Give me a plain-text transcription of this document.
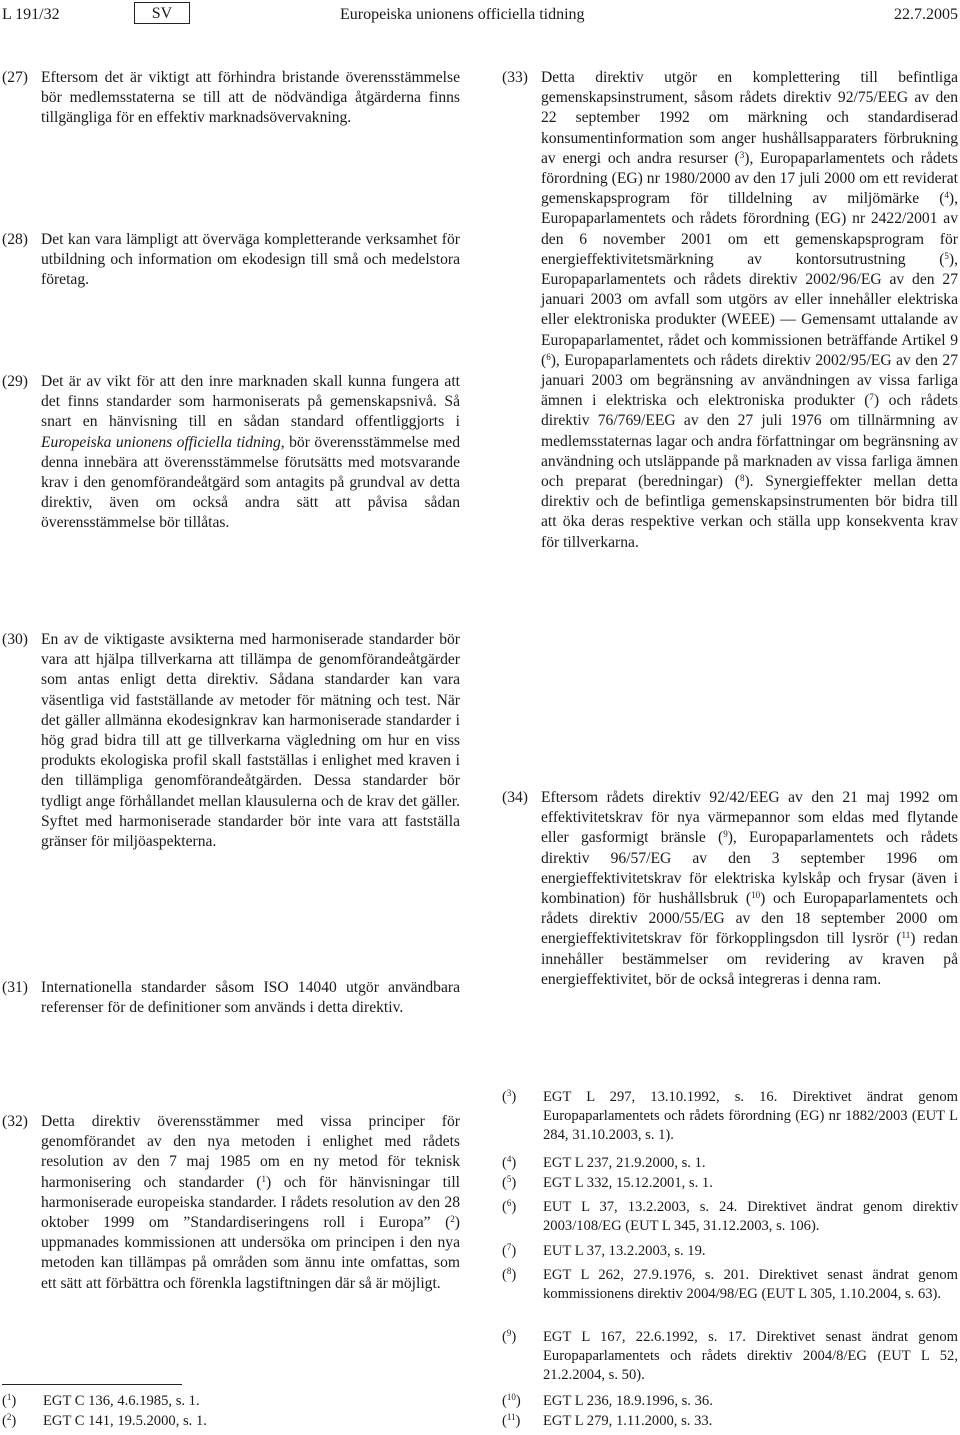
L 191/32	SV	Europeiska unionens officiella tidning	22.7.2005
(27) Eftersom det är viktigt att förhindra bristande överensstämmelse bör medlemsstaterna se till att de nödvändiga åtgärderna finns tillgängliga för en effektiv marknadsövervakning.
(28) Det kan vara lämpligt att överväga kompletterande verksamhet för utbildning och information om ekodesign till små och medelstora företag.
(29) Det är av vikt för att den inre marknaden skall kunna fungera att det finns standarder som harmoniserats på gemenskapsnivå. Så snart en hänvisning till en sådan standard offentliggjorts i Europeiska unionens officiella tidning, bör överensstämmelse med denna innebära att överensstämmelse förutsätts med motsvarande krav i den genomförandeåtgärd som antagits på grundval av detta direktiv, även om också andra sätt att påvisa sådan överensstämmelse bör tillåtas.
(30) En av de viktigaste avsikterna med harmoniserade standarder bör vara att hjälpa tillverkarna att tillämpa de genomförandeåtgärder som antas enligt detta direktiv. Sådana standarder kan vara väsentliga vid fastställande av metoder för mätning och test. När det gäller allmänna ekodesignkrav kan harmoniserade standarder i hög grad bidra till att ge tillverkarna vägledning om hur en viss produkts ekologiska profil skall fastställas i enlighet med kraven i den tillämpliga genomförandeåtgärden. Dessa standarder bör tydligt ange förhållandet mellan klausulerna och de krav det gäller. Syftet med harmoniserade standarder bör inte vara att fastställa gränser för miljöaspekterna.
(31) Internationella standarder såsom ISO 14040 utgör användbara referenser för de definitioner som används i detta direktiv.
(32) Detta direktiv överensstämmer med vissa principer för genomförandet av den nya metoden i enlighet med rådets resolution av den 7 maj 1985 om en ny metod för teknisk harmonisering och standarder ($^1$) och för hänvisningar till harmoniserade europeiska standarder. I rådets resolution av den 28 oktober 1999 om ”Standardiseringens roll i Europa” ($^2$) uppmanades kommissionen att undersöka om principen i den nya metoden kan tillämpas på områden som ännu inte omfattas, som ett sätt att förbättra och förenkla lagstiftningen där så är möjligt.
(33) Detta direktiv utgör en komplettering till befintliga gemenskapsinstrument, såsom rådets direktiv 92/75/EEG av den 22 september 1992 om märkning och standardiserad konsumentinformation som anger hushållsapparaters förbrukning av energi och andra resurser ($^3$), Europaparlamentets och rådets förordning (EG) nr 1980/2000 av den 17 juli 2000 om ett reviderat gemenskapsprogram för tilldelning av miljömärke ($^4$), Europaparlamentets och rådets förordning (EG) nr 2422/2001 av den 6 november 2001 om ett gemenskapsprogram för energieffektivitetsmärkning av kontorsutrustning ($^5$), Europaparlamentets och rådets direktiv 2002/96/EG av den 27 januari 2003 om avfall som utgörs av eller innehåller elektriska eller elektroniska produkter (WEEE) — Gemensamt uttalande av Europaparlamentet, rådet och kommissionen beträffande Artikel 9 ($^6$), Europaparlamentets och rådets direktiv 2002/95/EG av den 27 januari 2003 om begränsning av användningen av vissa farliga ämnen i elektriska och elektroniska produkter ($^7$) och rådets direktiv 76/769/EEG av den 27 juli 1976 om tillnärmning av medlemsstaternas lagar och andra författningar om begränsning av användning och utsläppande på marknaden av vissa farliga ämnen och preparat (beredningar) ($^8$). Synergieffekter mellan detta direktiv och de befintliga gemenskapsinstrumenten bör bidra till att öka deras respektive verkan och ställa upp konsekventa krav för tillverkarna.
(34) Eftersom rådets direktiv 92/42/EEG av den 21 maj 1992 om effektivitetskrav för nya värmepannor som eldas med flytande eller gasformigt bränsle ($^9$), Europaparlamentets och rådets direktiv 96/57/EG av den 3 september 1996 om energieffektivitetskrav för elektriska kylskåp och frysar (även i kombination) för hushållsbruk ($^{10}$) och Europaparlamentets och rådets direktiv 2000/55/EG av den 18 september 2000 om energieffektivitetskrav för förkopplingsdon till lysrör ($^{11}$) redan innehåller bestämmelser om revidering av kraven på energieffektivitet, bör de också integreras i denna ram.
($^1$) EGT C 136, 4.6.1985, s. 1.
($^2$) EGT C 141, 19.5.2000, s. 1.
($^3$) EGT L 297, 13.10.1992, s. 16. Direktivet ändrat genom Europaparlamentets och rådets förordning (EG) nr 1882/2003 (EUT L 284, 31.10.2003, s. 1).
($^4$) EGT L 237, 21.9.2000, s. 1.
($^5$) EGT L 332, 15.12.2001, s. 1.
($^6$) EUT L 37, 13.2.2003, s. 24. Direktivet ändrat genom direktiv 2003/108/EG (EUT L 345, 31.12.2003, s. 106).
($^7$) EUT L 37, 13.2.2003, s. 19.
($^8$) EGT L 262, 27.9.1976, s. 201. Direktivet senast ändrat genom kommissionens direktiv 2004/98/EG (EUT L 305, 1.10.2004, s. 63).
($^9$) EGT L 167, 22.6.1992, s. 17. Direktivet senast ändrat genom Europaparlamentets och rådets direktiv 2004/8/EG (EUT L 52, 21.2.2004, s. 50).
($^{10}$) EGT L 236, 18.9.1996, s. 36.
($^{11}$) EGT L 279, 1.11.2000, s. 33.
